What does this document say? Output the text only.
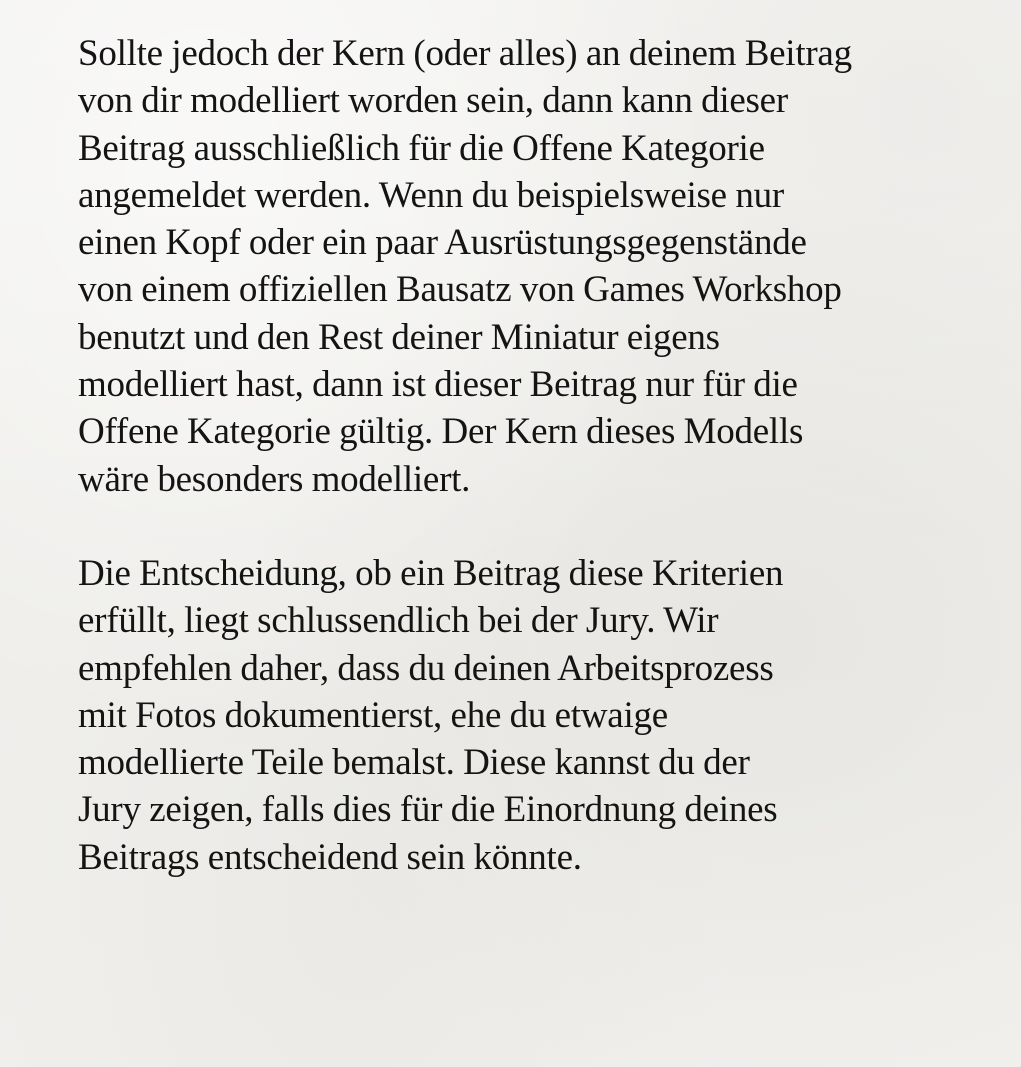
Sollte jedoch der Kern (oder alles) an deinem Beitrag
von dir modelliert worden sein, dann kann dieser
Beitrag ausschließlich für die Offene Kategorie
angemeldet werden. Wenn du beispielsweise nur
einen Kopf oder ein paar Ausrüstungsgegenstände
von einem offiziellen Bausatz von Games Workshop
benutzt und den Rest deiner Miniatur eigens
modelliert hast, dann ist dieser Beitrag nur für die
Offene Kategorie gültig. Der Kern dieses Modells
wäre besonders modelliert.

Die Entscheidung, ob ein Beitrag diese Kriterien
erfüllt, liegt schlussendlich bei der Jury. Wir
empfehlen daher, dass du deinen Arbeitsprozess
mit Fotos dokumentierst, ehe du etwaige
modellierte Teile bemalst. Diese kannst du der
Jury zeigen, falls dies für die Einordnung deines
Beitrags entscheidend sein könnte.
